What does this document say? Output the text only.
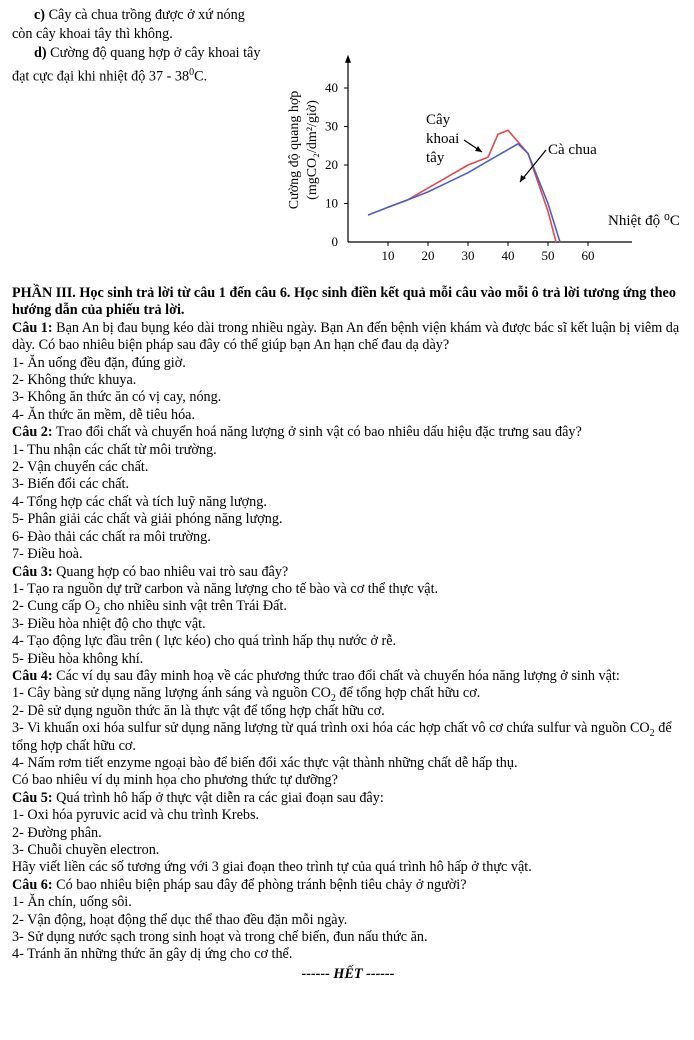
c) Cây cà chua trồng được ở xứ nóng còn cây khoai tây thì không.

d) Cường độ quang hợp ở cây khoai tây đạt cực đại khi nhiệt độ $37 - 38^0C$.

Cường độ quang hợp (mgCO₂/dm²/giờ)
10 20 30 40 50 60
0
10
20
30
40
Cây
khoai
tây	Cà chua
Nhiệt độ ⁰C

PHẦN III. Học sinh trả lời từ câu 1 đến câu 6. Học sinh điền kết quả mỗi câu vào mỗi ô trả lời tương ứng theo hướng dẫn của phiếu trả lời.

Câu 1: Bạn An bị đau bụng kéo dài trong nhiều ngày. Bạn An đến bệnh viện khám và được bác sĩ kết luận bị viêm dạ dày. Có bao nhiêu biện pháp sau đây có thể giúp bạn An hạn chế đau dạ dày?

1- Ăn uống đều đặn, đúng giờ.

2- Không thức khuya.

3- Không ăn thức ăn có vị cay, nóng.

4- Ăn thức ăn mềm, dễ tiêu hóa.

Câu 2: Trao đổi chất và chuyển hoá năng lượng ở sinh vật có bao nhiêu dấu hiệu đặc trưng sau đây?

1- Thu nhận các chất từ môi trường.

2- Vận chuyển các chất.

3- Biến đổi các chất.

4- Tổng hợp các chất và tích luỹ năng lượng.

5- Phân giải các chất và giải phóng năng lượng.

6- Đào thải các chất ra môi trường.

7- Điều hoà.

Câu 3: Quang hợp có bao nhiêu vai trò sau đây?

1- Tạo ra nguồn dự trữ carbon và năng lượng cho tế bào và cơ thể thực vật.

2- Cung cấp $O_2$ cho nhiều sinh vật trên Trái Đất.

3- Điều hòa nhiệt độ cho thực vật.

4- Tạo động lực đầu trên ( lực kéo) cho quá trình hấp thụ nước ở rễ.

5- Điều hòa không khí.

Câu 4: Các ví dụ sau đây minh hoạ về các phương thức trao đổi chất và chuyển hóa năng lượng ở sinh vật:

1- Cây bàng sử dụng năng lượng ánh sáng và nguồn $CO_2$ để tổng hợp chất hữu cơ.

2- Dê sử dụng nguồn thức ăn là thực vật để tổng hợp chất hữu cơ.

3- Vi khuẩn oxi hóa sulfur sử dụng năng lượng từ quá trình oxi hóa các hợp chất vô cơ chứa sulfur và nguồn $CO_2$ để tổng hợp chất hữu cơ.

4- Nấm rơm tiết enzyme ngoại bào để biến đổi xác thực vật thành những chất dễ hấp thụ.

Có bao nhiêu ví dụ minh họa cho phương thức tự dưỡng?

Câu 5: Quá trình hô hấp ở thực vật diễn ra các giai đoạn sau đây:

1- Oxi hóa pyruvic acid và chu trình Krebs.

2- Đường phân.

3- Chuỗi chuyền electron.

Hãy viết liền các số tương ứng với 3 giai đoạn theo trình tự của quá trình hô hấp ở thực vật.

Câu 6: Có bao nhiêu biện pháp sau đây để phòng tránh bệnh tiêu chảy ở người?

1- Ăn chín, uống sôi.

2- Vận động, hoạt động thể dục thể thao đều đặn mỗi ngày.

3- Sử dụng nước sạch trong sinh hoạt và trong chế biến, đun nấu thức ăn.

4- Tránh ăn những thức ăn gây dị ứng cho cơ thể.

------ HẾT ------
